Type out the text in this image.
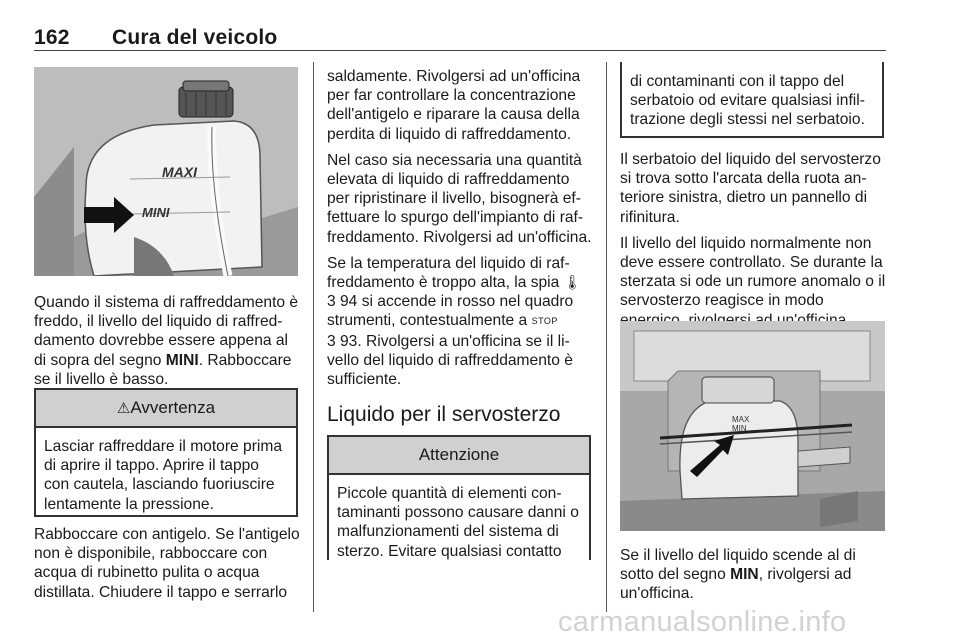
162 Cura del veicolo
MAXI
MINI

Quando il sistema di raffreddamento è freddo, il livello del liquido di raffreddamento dovrebbe essere appena al di sopra del segno MINI. Rabboccare se il livello è basso.

⚠Avvertenza

Lasciar raffreddare il motore prima di aprire il tappo. Aprire il tappo con cautela, lasciando fuoriuscire lentamente la pressione.

Rabboccare con antigelo. Se l'antigelo non è disponibile, rabboccare con acqua di rubinetto pulita o acqua distillata. Chiudere il tappo e serrarlo

saldamente. Rivolgersi ad un'officina per far controllare la concentrazione dell'antigelo e riparare la causa della perdita di liquido di raffreddamento.

Nel caso sia necessaria una quantità elevata di liquido di raffreddamento per ripristinare il livello, bisognerà effettuare lo spurgo dell'impianto di raffreddamento. Rivolgersi ad un'officina.

Se la temperatura del liquido di raffreddamento è troppo alta, la spia 🌡︎
3 94 si accende in rosso nel quadro strumenti, contestualmente a STOP
3 93. Rivolgersi a un'officina se il livello del liquido di raffreddamento è sufficiente.

Liquido per il servosterzo
Attenzione

Piccole quantità di elementi contaminanti possono causare danni o malfunzionamenti del sistema di sterzo. Evitare qualsiasi contatto

di contaminanti con il tappo del serbatoio od evitare qualsiasi infiltrazione degli stessi nel serbatoio.

Il serbatoio del liquido del servosterzo si trova sotto l'arcata della ruota anteriore sinistra, dietro un pannello di rifinitura.

Il livello del liquido normalmente non deve essere controllato. Se durante la sterzata si ode un rumore anomalo o il servosterzo reagisce in modo

MAX
MIN

Se il livello del liquido scende al di sotto del segno MIN, rivolgersi ad un'officina.

carmanualsonline.info
